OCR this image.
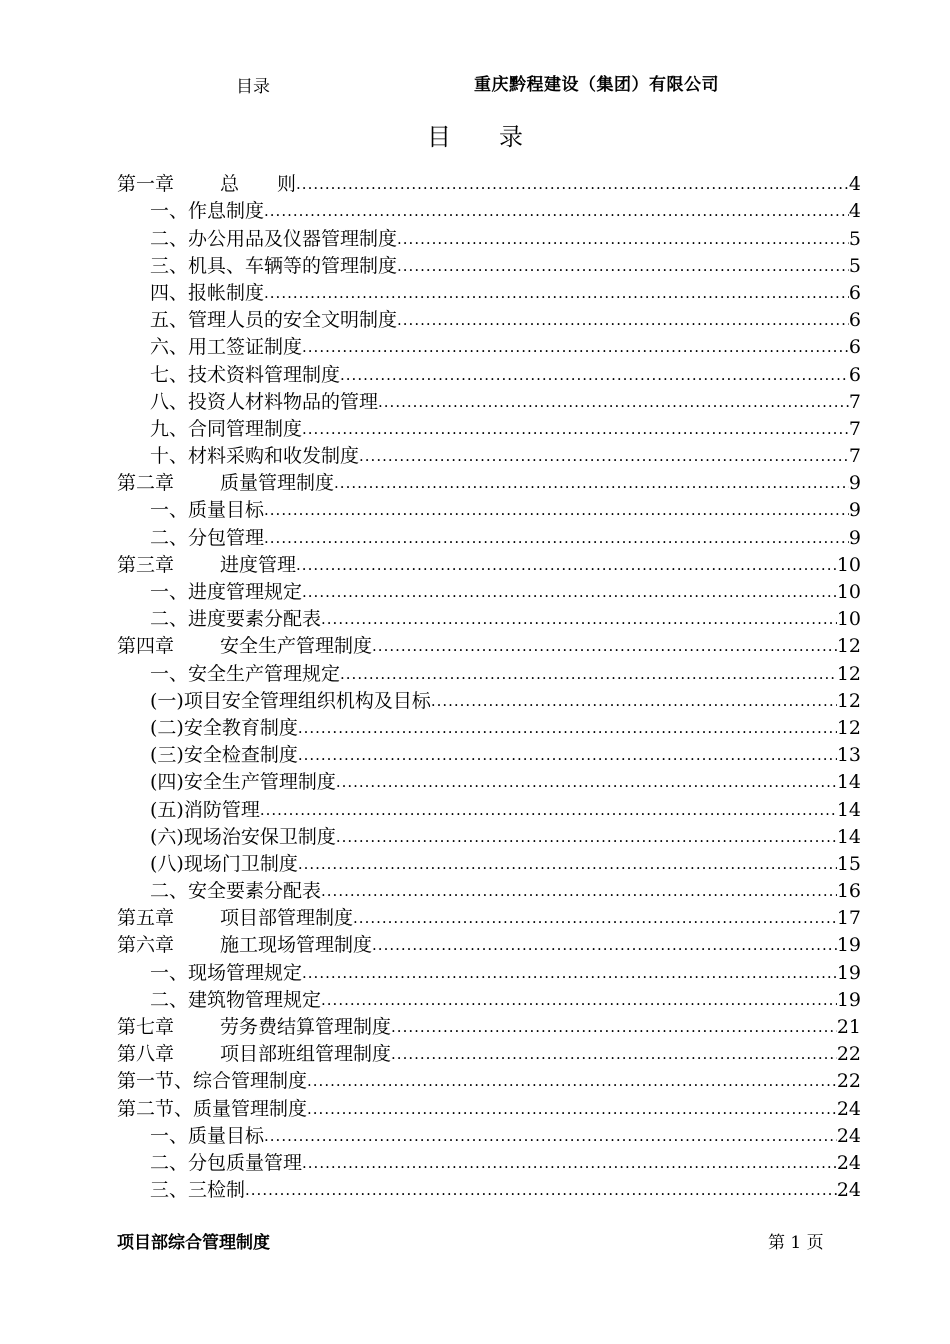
目录	重庆黔程建设（集团）有限公司
目　　录
第一章 总　　则 .....	4
一、作息制度 .....	4
二、办公用品及仪器管理制度 .....	5
三、机具、车辆等的管理制度 .....	5
四、报帐制度 .....	6
五、管理人员的安全文明制度 .....	6
六、用工签证制度 .....	6
七、技术资料管理制度 .....	6
八、投资人材料物品的管理 .....	7
九、合同管理制度 .....	7
十、材料采购和收发制度 .....	7
第二章 质量管理制度 .....	9
一、质量目标 .....	9
二、分包管理 .....	9
第三章 进度管理 .....	10
一、进度管理规定 .....	10
二、进度要素分配表 .....	10
第四章 安全生产管理制度 .....	12
一、安全生产管理规定 .....	12
(一)项目安全管理组织机构及目标 .....	12
(二)安全教育制度 .....	12
(三)安全检查制度 .....	13
(四)安全生产管理制度 .....	14
(五)消防管理 .....	14
(六)现场治安保卫制度 .....	14
(八)现场门卫制度 .....	15
二、安全要素分配表 .....	16
第五章 项目部管理制度 .....	17
第六章 施工现场管理制度 .....	19
一、现场管理规定 .....	19
二、建筑物管理规定 .....	19
第七章 劳务费结算管理制度 .....	21
第八章 项目部班组管理制度 .....	22
第一节、综合管理制度 .....	22
第二节、质量管理制度 .....	24
一、质量目标 .....	24
二、分包质量管理 .....	24
三、三检制 .....	24
项目部综合管理制度	第 1 页
